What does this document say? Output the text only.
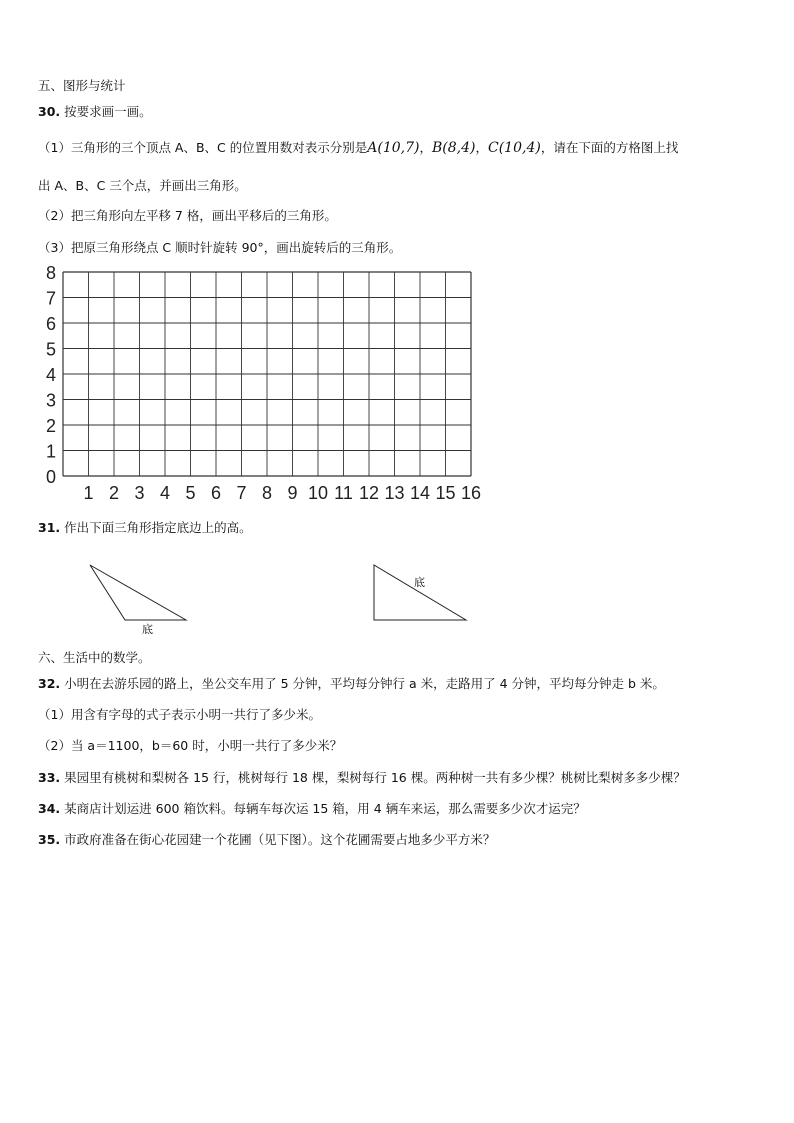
五、图形与统计
30. 按要求画一画。
（1）三角形的三个顶点 A、B、C 的位置用数对表示分别是A(10,7)，B(8,4)，C(10,4)，请在下面的方格图上找
出 A、B、C 三个点，并画出三角形。
（2）把三角形向左平移 7 格，画出平移后的三角形。
（3）把原三角形绕点 C 顺时针旋转 90°，画出旋转后的三角形。
1 2 3 4 5 6 7 8 9 10 11 12 13 14 15 16
0
1
2
3
4
5
6
7
8
31. 作出下面三角形指定底边上的高。
底
底
六、生活中的数学。
32. 小明在去游乐园的路上，坐公交车用了 5 分钟，平均每分钟行 a 米，走路用了 4 分钟，平均每分钟走 b 米。
（1）用含有字母的式子表示小明一共行了多少米。
（2）当 a＝1100，b＝60 时，小明一共行了多少米？
33. 果园里有桃树和梨树各 15 行，桃树每行 18 棵，梨树每行 16 棵。两种树一共有多少棵？桃树比梨树多多少棵？
34. 某商店计划运进 600 箱饮料。每辆车每次运 15 箱，用 4 辆车来运，那么需要多少次才运完？
35. 市政府准备在街心花园建一个花圃（见下图）。这个花圃需要占地多少平方米？
